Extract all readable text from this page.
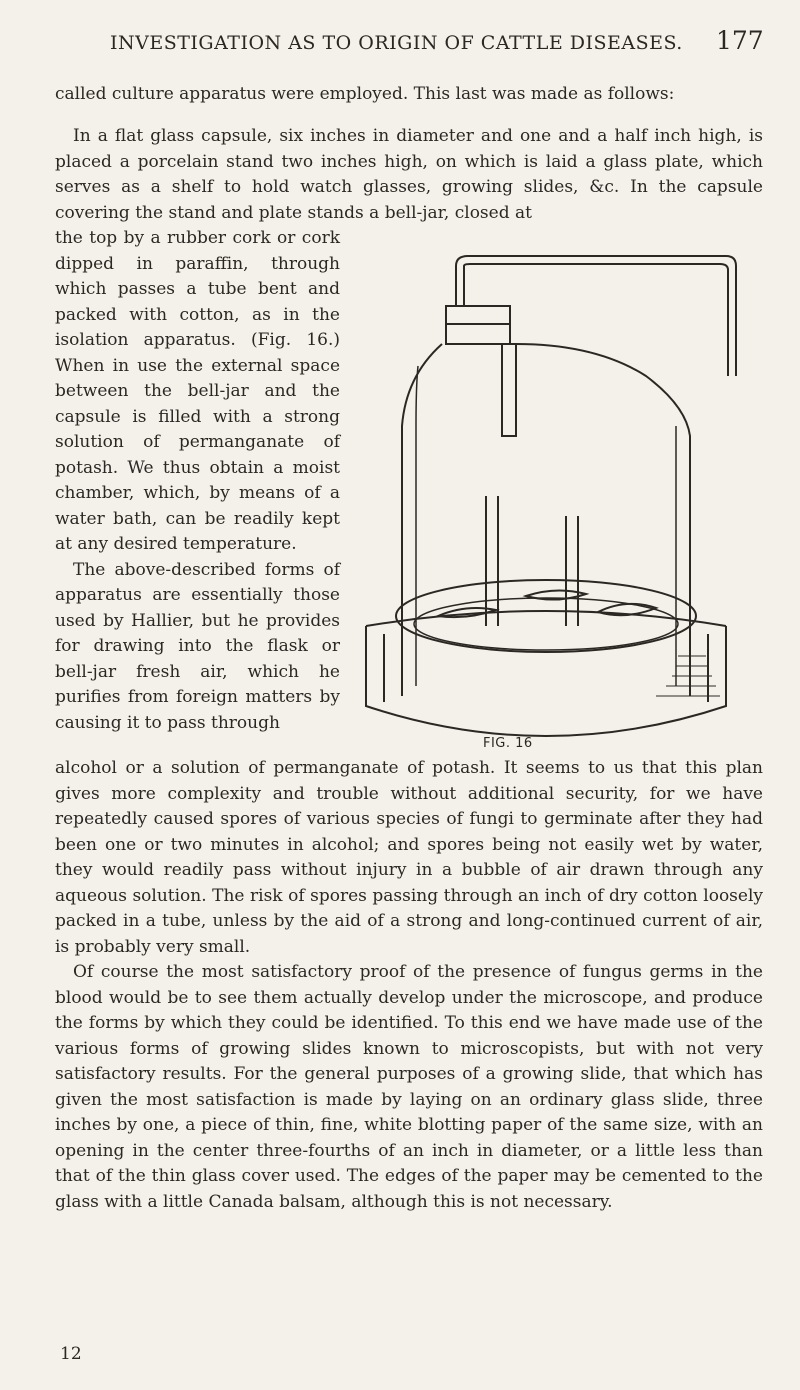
INVESTIGATION AS TO ORIGIN OF CATTLE DISEASES. 177

called culture apparatus were employed. This last was made as follows:

In a flat glass capsule, six inches in diameter and one and a half inch high, is placed a porcelain stand two inches high, on which is laid a glass plate, which serves as a shelf to hold watch glasses, growing slides, &c. In the capsule covering the stand and plate stands a bell-jar, closed at

the top by a rubber cork or cork dipped in paraffin, through which passes a tube bent and packed with cotton, as in the isolation apparatus. (Fig. 16.) When in use the external space between the bell-jar and the capsule is filled with a strong solution of permanganate of potash. We thus obtain a moist chamber, which, by means of a water bath, can be readily kept at any desired temperature.

The above-described forms of apparatus are essentially those used by Hallier, but he provides for drawing into the flask or bell-jar fresh air, which he purifies from foreign matters by causing it to pass through

FIG. 16

alcohol or a solution of permanganate of potash. It seems to us that this plan gives more complexity and trouble without additional security, for we have repeatedly caused spores of various species of fungi to germinate after they had been one or two minutes in alcohol; and spores being not easily wet by water, they would readily pass without injury in a bubble of air drawn through any aqueous solution. The risk of spores passing through an inch of dry cotton loosely packed in a tube, unless by the aid of a strong and long-continued current of air, is probably very small.

Of course the most satisfactory proof of the presence of fungus germs in the blood would be to see them actually develop under the microscope, and produce the forms by which they could be identified. To this end we have made use of the various forms of growing slides known to microscopists, but with not very satisfactory results. For the general purposes of a growing slide, that which has given the most satisfaction is made by laying on an ordinary glass slide, three inches by one, a piece of thin, fine, white blotting paper of the same size, with an opening in the center three-fourths of an inch in diameter, or a little less than that of the thin glass cover used. The edges of the paper may be cemented to the glass with a little Canada balsam, although this is not necessary.

12
